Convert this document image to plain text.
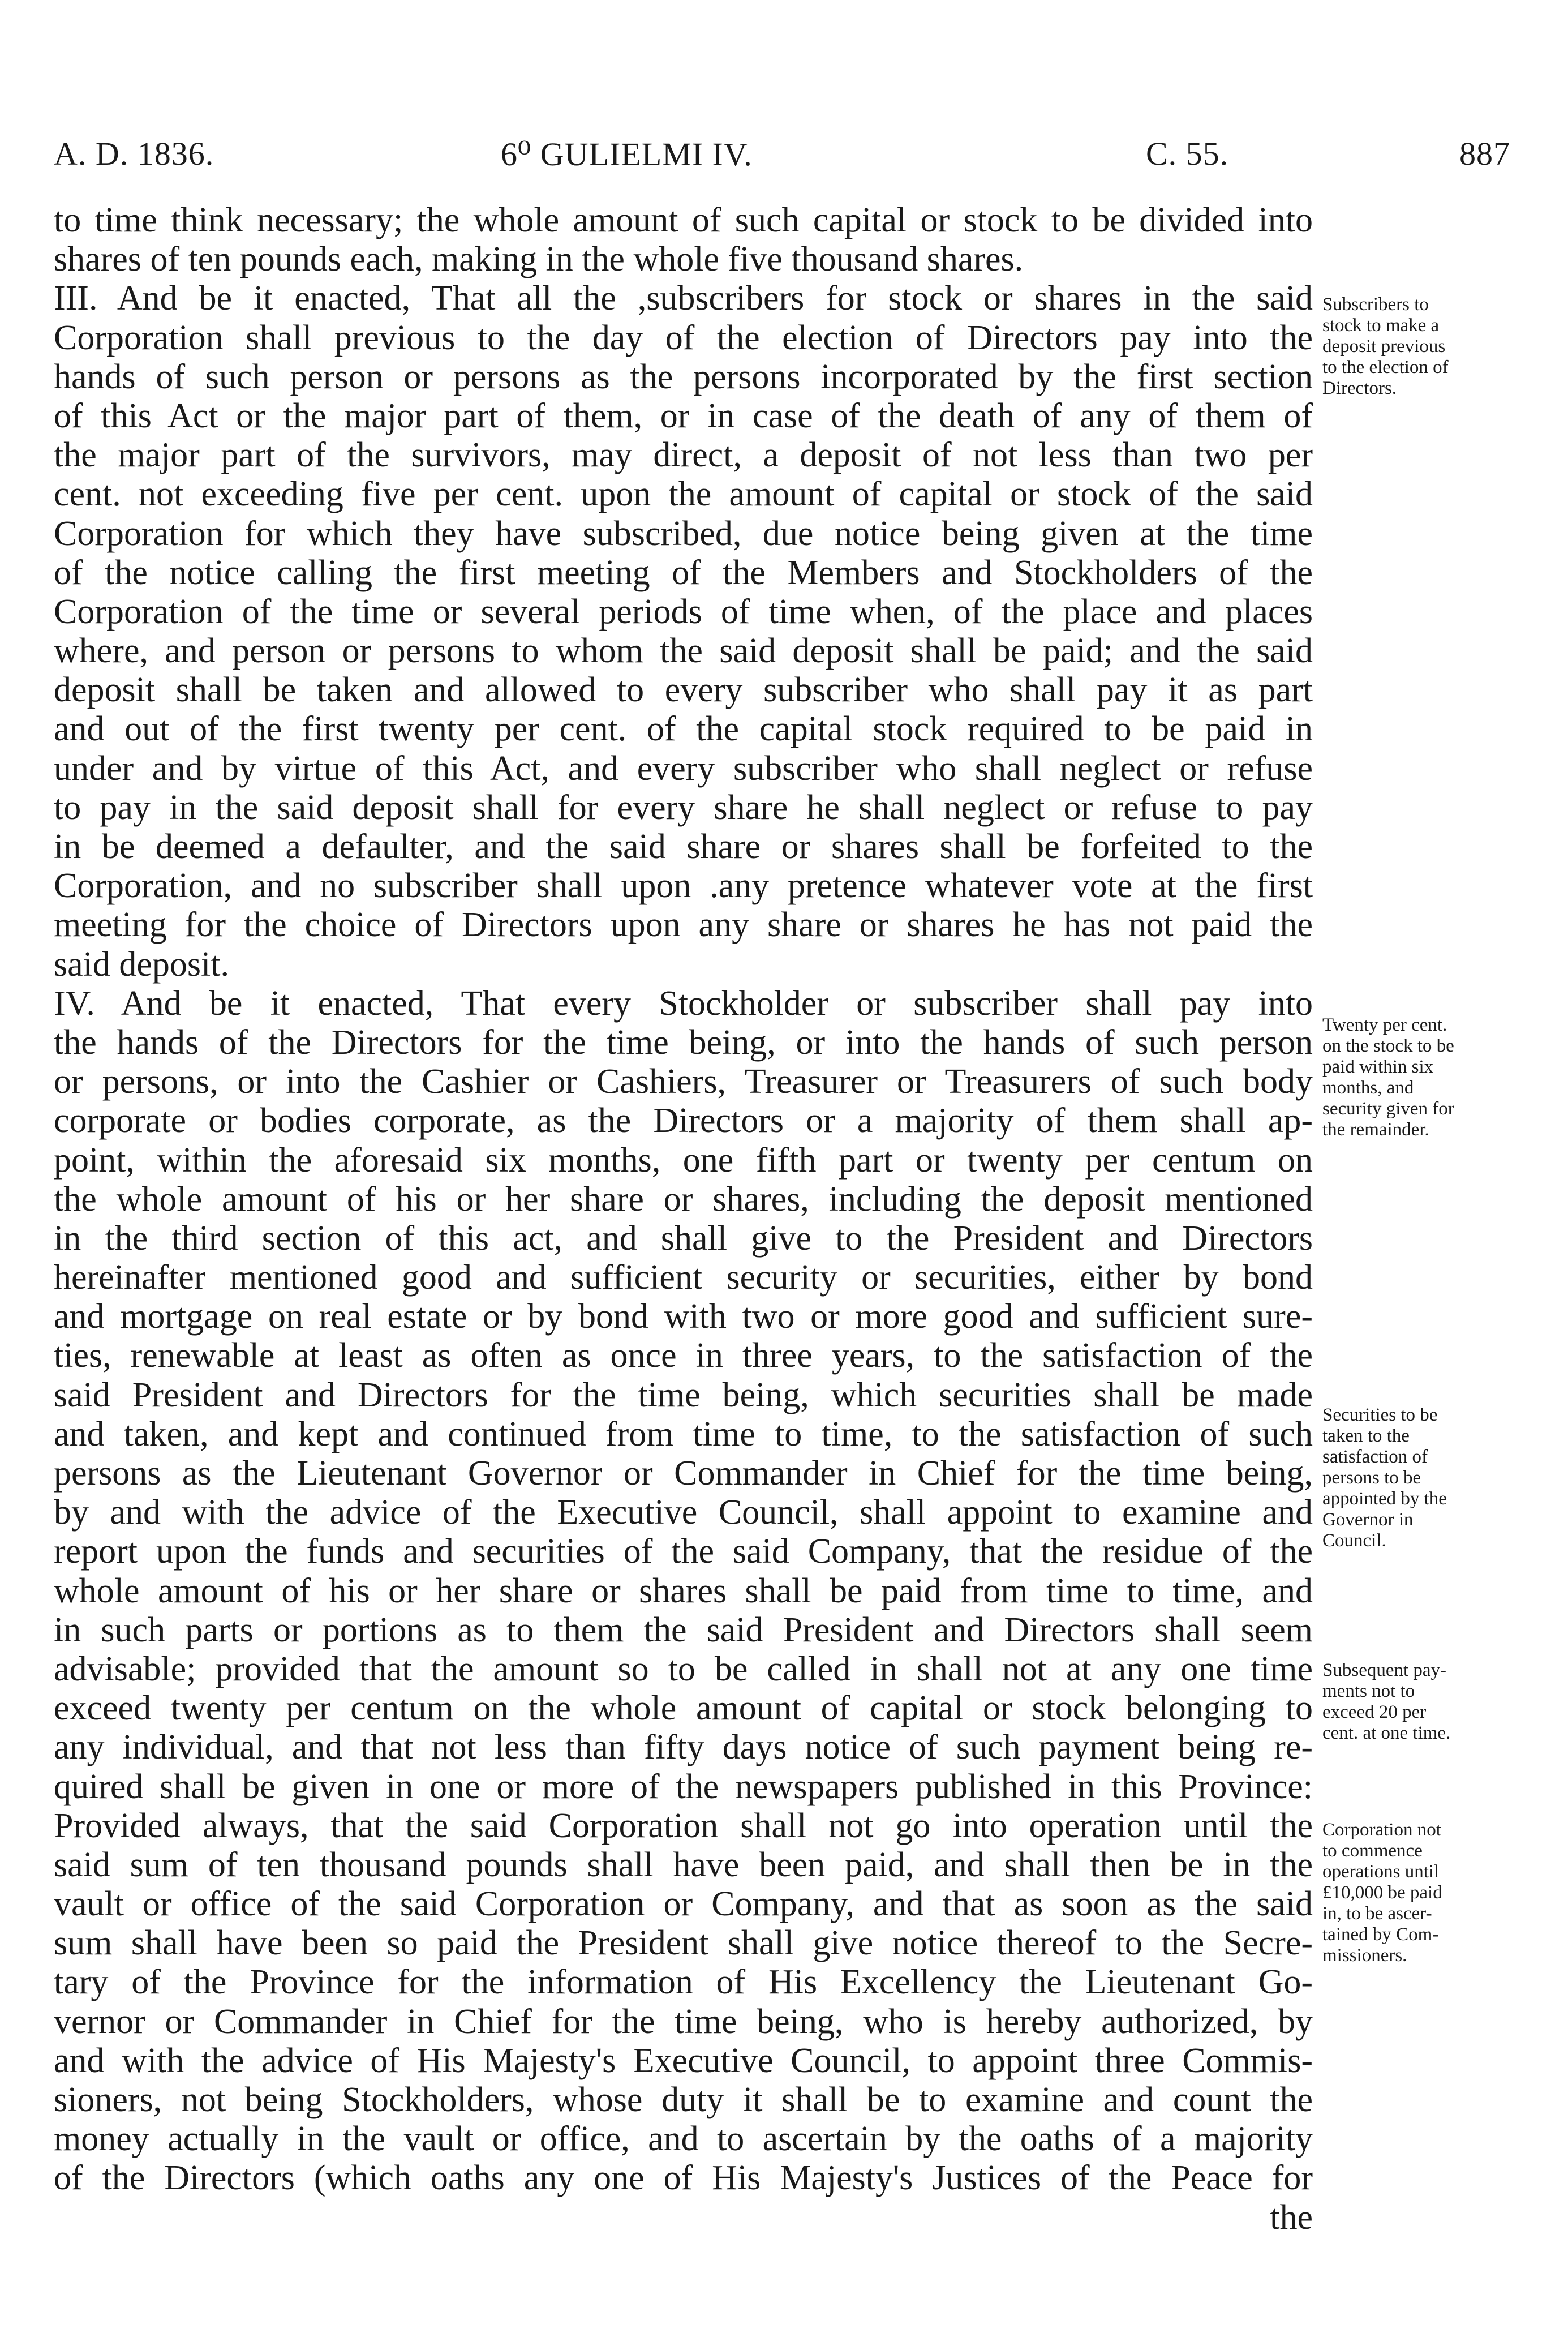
A. D. 1836.	6⁰ GULIELMI IV.	C. 55.	887
to time think necessary; the whole amount of such capital or stock to be divided into
shares of ten pounds each, making in the whole five thousand shares.
III. And be it enacted, That all the ,subscribers for stock or shares in the said
Corporation shall previous to the day of the election of Directors pay into the
hands of such person or persons as the persons incorporated by the first section
of this Act or the major part of them, or in case of the death of any of them of
the major part of the survivors, may direct, a deposit of not less than two per
cent. not exceeding five per cent. upon the amount of capital or stock of the said
Corporation for which they have subscribed, due notice being given at the time
of the notice calling the first meeting of the Members and Stockholders of the
Corporation of the time or several periods of time when, of the place and places
where, and person or persons to whom the said deposit shall be paid; and the said
deposit shall be taken and allowed to every subscriber who shall pay it as part
and out of the first twenty per cent. of the capital stock required to be paid in
under and by virtue of this Act, and every subscriber who shall neglect or refuse
to pay in the said deposit shall for every share he shall neglect or refuse to pay
in be deemed a defaulter, and the said share or shares shall be forfeited to the
Corporation, and no subscriber shall upon .any pretence whatever vote at the first
meeting for the choice of Directors upon any share or shares he has not paid the
said deposit.
IV. And be it enacted, That every Stockholder or subscriber shall pay into
the hands of the Directors for the time being, or into the hands of such person
or persons, or into the Cashier or Cashiers, Treasurer or Treasurers of such body
corporate or bodies corporate, as the Directors or a majority of them shall ap-
point, within the aforesaid six months, one fifth part or twenty per centum on
the whole amount of his or her share or shares, including the deposit mentioned
in the third section of this act, and shall give to the President and Directors
hereinafter mentioned good and sufficient security or securities, either by bond
and mortgage on real estate or by bond with two or more good and sufficient sure-
ties, renewable at least as often as once in three years, to the satisfaction of the
said President and Directors for the time being, which securities shall be made
and taken, and kept and continued from time to time, to the satisfaction of such
persons as the Lieutenant Governor or Commander in Chief for the time being,
by and with the advice of the Executive Council, shall appoint to examine and
report upon the funds and securities of the said Company, that the residue of the
whole amount of his or her share or shares shall be paid from time to time, and
in such parts or portions as to them the said President and Directors shall seem
advisable; provided that the amount so to be called in shall not at any one time
exceed twenty per centum on the whole amount of capital or stock belonging to
any individual, and that not less than fifty days notice of such payment being re-
quired shall be given in one or more of the newspapers published in this Province:
Provided always, that the said Corporation shall not go into operation until the
said sum of ten thousand pounds shall have been paid, and shall then be in the
vault or office of the said Corporation or Company, and that as soon as the said
sum shall have been so paid the President shall give notice thereof to the Secre-
tary of the Province for the information of His Excellency the Lieutenant Go-
vernor or Commander in Chief for the time being, who is hereby authorized, by
and with the advice of His Majesty's Executive Council, to appoint three Commis-
sioners, not being Stockholders, whose duty it shall be to examine and count the
money actually in the vault or office, and to ascertain by the oaths of a majority
of the Directors (which oaths any one of His Majesty's Justices of the Peace for
the
Subscribers to
stock to make a
deposit previous
to the election of
Directors.
Twenty per cent.
on the stock to be
paid within six
months, and
security given for
the remainder.
Securities to be
taken to the
satisfaction of
persons to be
appointed by the
Governor in
Council.
Subsequent pay-
ments not to
exceed 20 per
cent. at one time.
Corporation not
to commence
operations until
£10,000 be paid
in, to be ascer-
tained by Com-
missioners.
